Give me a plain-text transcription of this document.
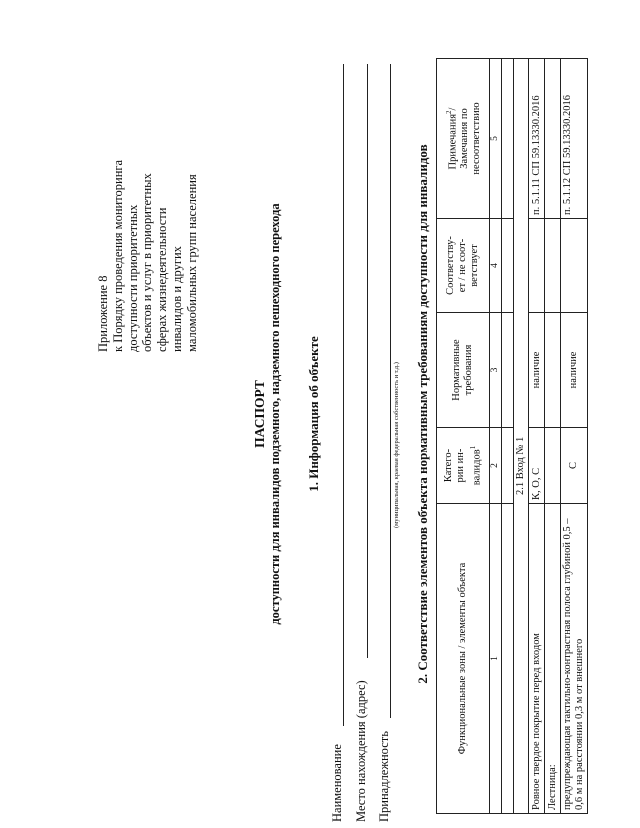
Приложение 8 к Порядку проведения мониторинга доступности приоритетных объектов и услуг в приоритетных сферах жизнедеятельности инвалидов и других маломобильных групп населения
ПАСПОРТ доступности для инвалидов подземного, надземного пешеходного перехода 1. Информация об объекте
Наименование Место нахождения (адрес) Принадлежность
(муниципальная, краевая федеральная собственность и т.д.) 2. Соответствие элементов объекта нормативным требованиям доступности для инвалидов	Функциональные зоны / элементы объекта	Катего-
рии ин-
валидов$^1$	Нормативные
требования	Соответству-
ет / не соот-
ветствует	Примечания$^2$/
Замечания по
несоответствию
1	2	3	4	5

2.1 Вход № 1				
Ровное твердое покрытие перед входом	К, О, С	наличие		п. 5.1.11 СП 59.13330.2016
Лестница:				
предупреждающая тактильно-контрастная полоса глубиной 0,5 – 0,6 м на расстоянии 0,3 м от внешнего	С	наличие		п. 5.1.12 СП 59.13330.2016
